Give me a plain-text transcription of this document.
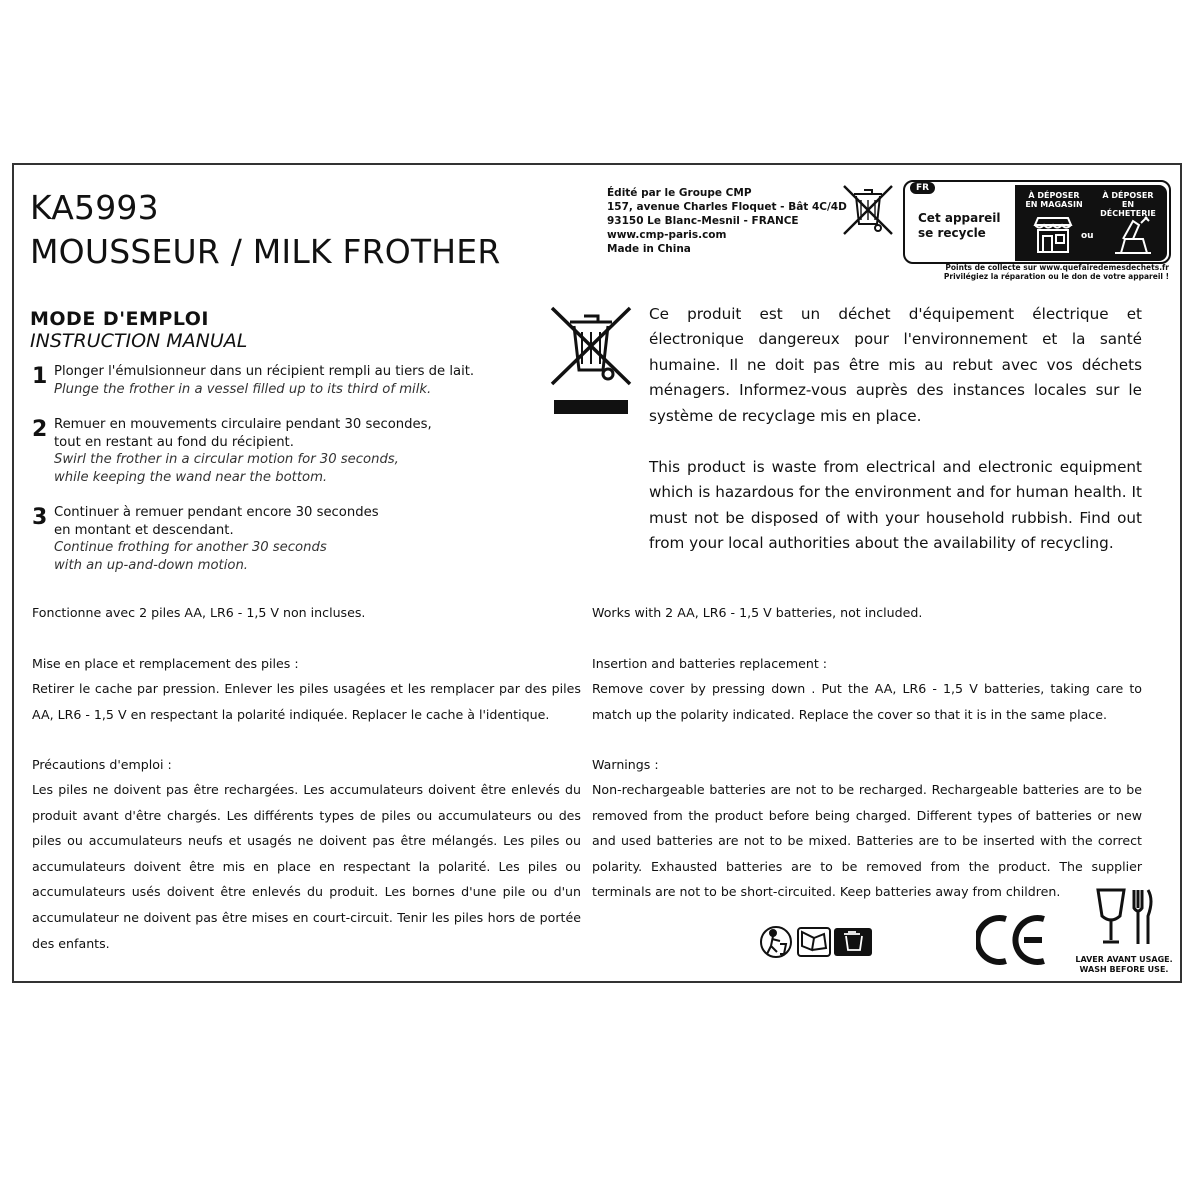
KA5993
MOUSSEUR / MILK FROTHER
Édité par le Groupe CMP
157, avenue Charles Floquet - Bât 4C/4D
93150 Le Blanc-Mesnil - FRANCE
www.cmp-paris.com
Made in China
FR
Cet appareil
se recycle
À DÉPOSER
EN MAGASIN
À DÉPOSER
EN DÉCHETERIE
ou
Points de collecte sur www.quefairedemesdechets.fr
Privilégiez la réparation ou le don de votre appareil !
MODE D'EMPLOI
INSTRUCTION MANUAL
1 Plonger l'émulsionneur dans un récipient rempli au tiers de lait.
Plunge the frother in a vessel filled up to its third of milk.
2 Remuer en mouvements circulaire pendant 30 secondes,
tout en restant au fond du récipient.
Swirl the frother in a circular motion for 30 seconds,
while keeping the wand near the bottom.
3 Continuer à remuer pendant encore 30 secondes
en montant et descendant.
Continue frothing for another 30 seconds
with an up-and-down motion.
Ce produit est un déchet d'équipement électrique et électronique dangereux pour l'environnement et la santé humaine. Il ne doit pas être mis au rebut avec vos déchets ménagers. Informez-vous auprès des instances locales sur le système de recyclage mis en place.
This product is waste from electrical and electronic equipment which is hazardous for the environment and for human health. It must not be disposed of with your household rubbish. Find out from your local authorities about the availability of recycling.
Fonctionne avec 2 piles AA, LR6 - 1,5 V non incluses.
Mise en place et remplacement des piles :
Retirer le cache par pression. Enlever les piles usagées et les remplacer par des piles AA, LR6 - 1,5 V en respectant la polarité indiquée. Replacer le cache à l'identique.
Précautions d'emploi :
Les piles ne doivent pas être rechargées. Les accumulateurs doivent être enlevés du produit avant d'être chargés. Les différents types de piles ou accumulateurs ou des piles ou accumulateurs neufs et usagés ne doivent pas être mélangés. Les piles ou accumulateurs doivent être mis en place en respectant la polarité. Les piles ou accumulateurs usés doivent être enlevés du produit. Les bornes d'une pile ou d'un accumulateur ne doivent pas être mises en court-circuit. Tenir les piles hors de portée des enfants.
Works with 2 AA, LR6 - 1,5 V batteries, not included.
Insertion and batteries replacement :
Remove cover by pressing down . Put the AA, LR6 - 1,5 V batteries, taking care to match up the polarity indicated. Replace the cover so that it is in the same place.
Warnings :
Non-rechargeable batteries are not to be recharged. Rechargeable batteries are to be removed from the product before being charged. Different types of batteries or new and used batteries are not to be mixed. Batteries are to be inserted with the correct polarity. Exhausted batteries are to be removed from the product. The supplier terminals are not to be short-circuited. Keep batteries away from children.
LAVER AVANT USAGE.
WASH BEFORE USE.
